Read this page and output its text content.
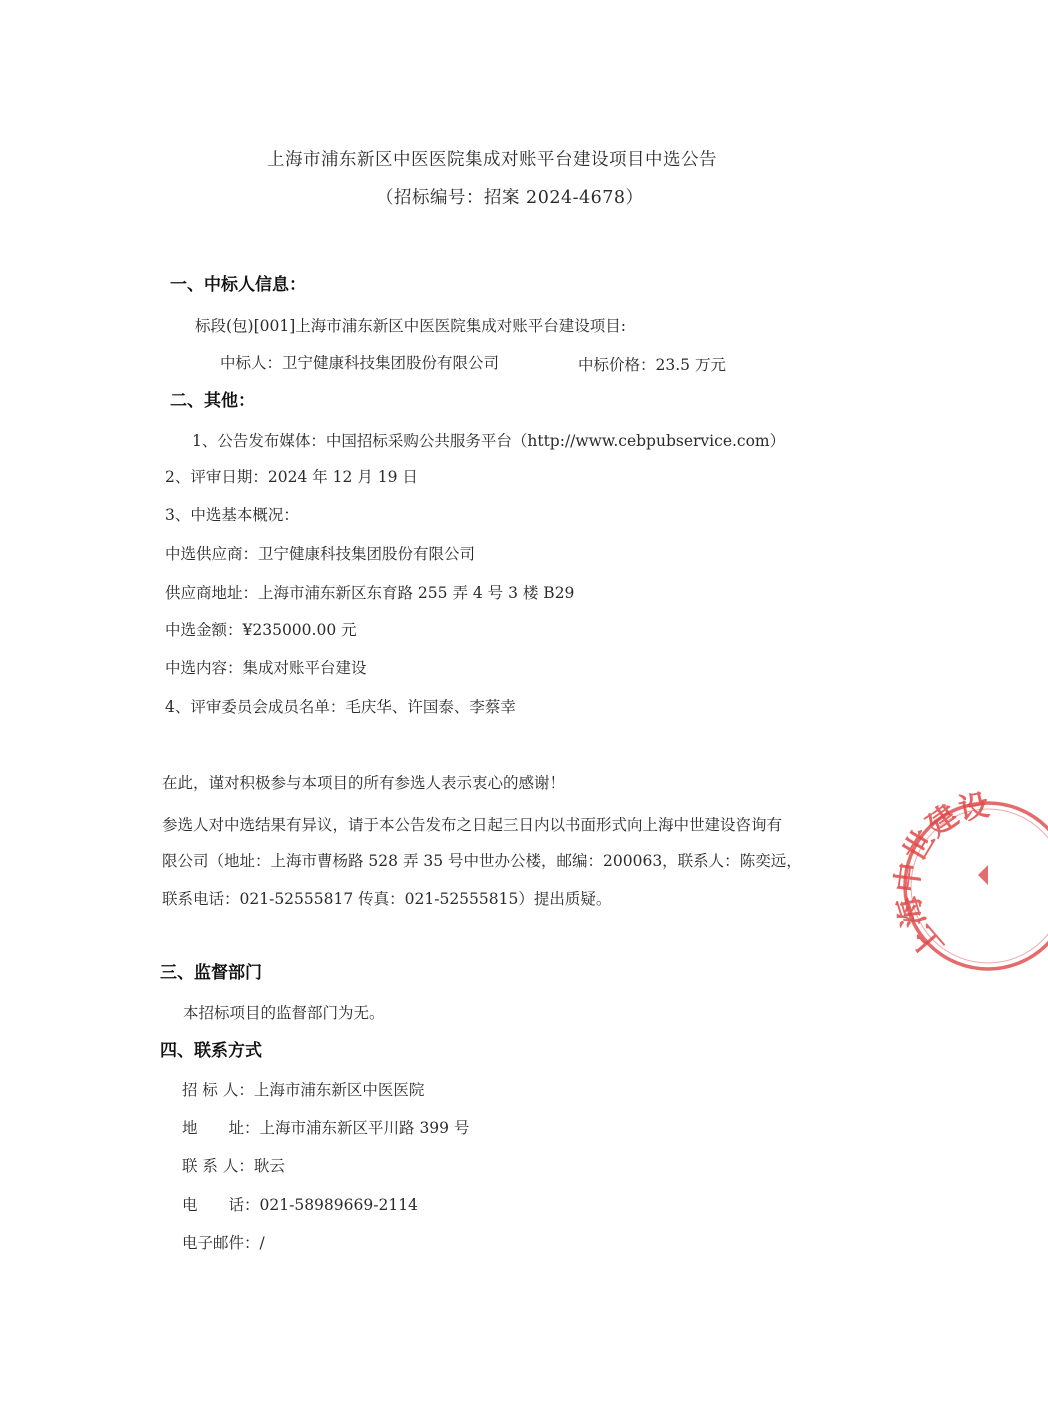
上海市浦东新区中医医院集成对账平台建设项目中选公告
（招标编号：招案 2024-4678）
一、中标人信息：
标段(包)[001]上海市浦东新区中医医院集成对账平台建设项目:
中标人：卫宁健康科技集团股份有限公司	中标价格：23.5 万元
二、其他：
1、公告发布媒体：中国招标采购公共服务平台（http://www.cebpubservice.com）
2、评审日期：2024 年 12 月 19 日
3、中选基本概况：
中选供应商：卫宁健康科技集团股份有限公司
供应商地址：上海市浦东新区东育路 255 弄 4 号 3 楼 B29
中选金额：¥235000.00 元
中选内容：集成对账平台建设
4、评审委员会成员名单：毛庆华、许国泰、李蔡幸
在此，谨对积极参与本项目的所有参选人表示衷心的感谢！
参选人对中选结果有异议，请于本公告发布之日起三日内以书面形式向上海中世建设咨询有
限公司（地址：上海市曹杨路 528 弄 35 号中世办公楼，邮编：200063，联系人：陈奕远，
联系电话：021-52555817 传真：021-52555815）提出质疑。
三、监督部门
本招标项目的监督部门为无。
四、联系方式
招 标 人：上海市浦东新区中医医院
地　　址：上海市浦东新区平川路 399 号
联 系 人：耿云
电　　话：021-58989669-2114
电子邮件：/
上海中世建设
